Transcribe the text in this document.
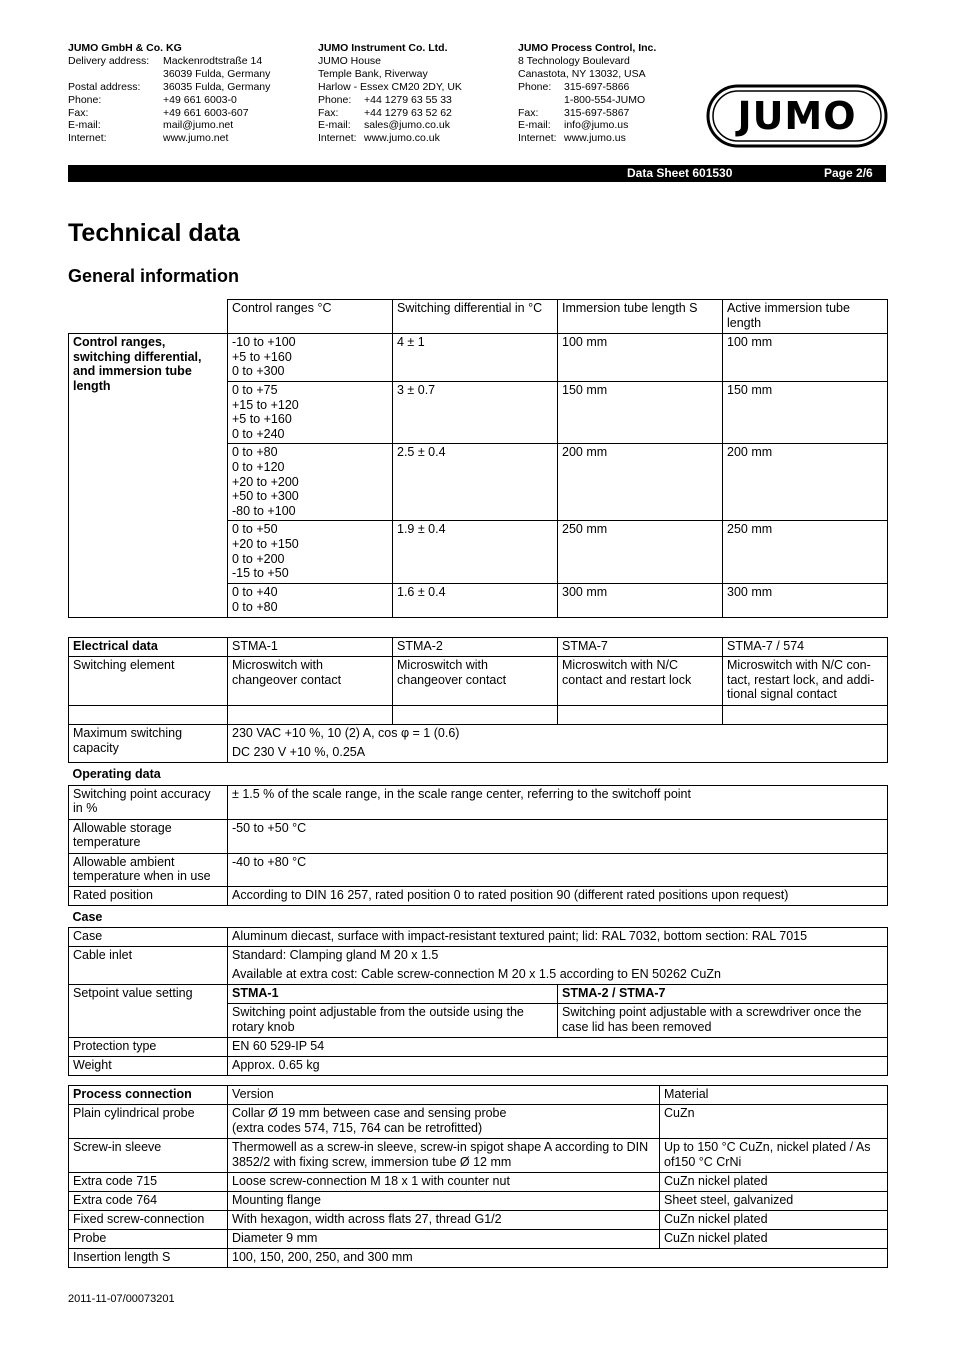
JUMO GmbH & Co. KG
Delivery address:	Mackenrodtstraße 14
36039 Fulda, Germany
Postal address:	36035 Fulda, Germany
Phone:	+49 661 6003-0
Fax:	+49 661 6003-607
E-mail:	mail@jumo.net
Internet:	www.jumo.net
JUMO Instrument Co. Ltd.
JUMO House
Temple Bank, Riverway
Harlow - Essex CM20 2DY, UK
Phone:	+44 1279 63 55 33
Fax:	+44 1279 63 52 62
E-mail:	sales@jumo.co.uk
Internet: www.jumo.co.uk
JUMO Process Control, Inc.
8 Technology Boulevard
Canastota, NY 13032, USA
Phone:	315-697-5866
1-800-554-JUMO
Fax:	315-697-5867
E-mail:	info@jumo.us
Internet: www.jumo.us
JUMO
Data Sheet 601530	Page 2/6
Technical data
General information
	Control ranges °C	Switching differential in °C	Immersion tube length S	Active immersion tube length
Control ranges, switching differential, and immersion tube length	-10 to +100
+5 to +160
0 to +300	4 ± 1	100 mm	100 mm
	0 to +75
+15 to +120
+5 to +160
0 to +240	3 ± 0.7	150 mm	150 mm
	0 to +80
0 to +120
+20 to +200
+50 to +300
-80 to +100	2.5 ± 0.4	200 mm	200 mm
	0 to +50
+20 to +150
0 to +200
-15 to +50	1.9 ± 0.4	250 mm	250 mm
	0 to +40
0 to +80	1.6 ± 0.4	300 mm	300 mm
Electrical data	STMA-1	STMA-2	STMA-7	STMA-7 / 574
Switching element	Microswitch with changeover contact	Microswitch with changeover contact	Microswitch with N/C contact and restart lock	Microswitch with N/C con-tact, restart lock, and addi-tional signal contact

Maximum switching capacity	230 VAC +10 %, 10 (2) A, cos φ = 1 (0.6)			
	DC 230 V +10 %, 0.25A			
Operating data				
Switching point accuracy in %	± 1.5 % of the scale range, in the scale range center, referring to the switchoff point			
Allowable storage temperature	-50 to +50 °C			
Allowable ambient temperature when in use	-40 to +80 °C			
Rated position	According to DIN 16 257, rated position 0 to rated position 90 (different rated positions upon request)			
Case				
Case	Aluminum diecast, surface with impact-resistant textured paint; lid: RAL 7032, bottom section: RAL 7015			
Cable inlet	Standard: Clamping gland M 20 x 1.5			
	Available at extra cost: Cable screw-connection M 20 x 1.5 according to EN 50262 CuZn			
Setpoint value setting	STMA-1		STMA-2 / STMA-7	
	Switching point adjustable from the outside using the rotary knob		Switching point adjustable with a screwdriver once the case lid has been removed	
Protection type	EN 60 529-IP 54			
Weight	Approx. 0.65 kg			
Process connection	Version	Material
Plain cylindrical probe	Collar Ø 19 mm between case and sensing probe
(extra codes 574, 715, 764 can be retrofitted)	CuZn
Screw-in sleeve	Thermowell as a screw-in sleeve, screw-in spigot shape A according to DIN 3852/2 with fixing screw, immersion tube Ø 12 mm	Up to 150 °C CuZn, nickel plated / As of150 °C CrNi
Extra code 715	Loose screw-connection M 18 x 1 with counter nut	CuZn nickel plated
Extra code 764	Mounting flange	Sheet steel, galvanized
Fixed screw-connection	With hexagon, width across flats 27, thread G1/2	CuZn nickel plated
Probe	Diameter 9 mm	CuZn nickel plated
Insertion length S	100, 150, 200, 250, and 300 mm	
2011-11-07/00073201
